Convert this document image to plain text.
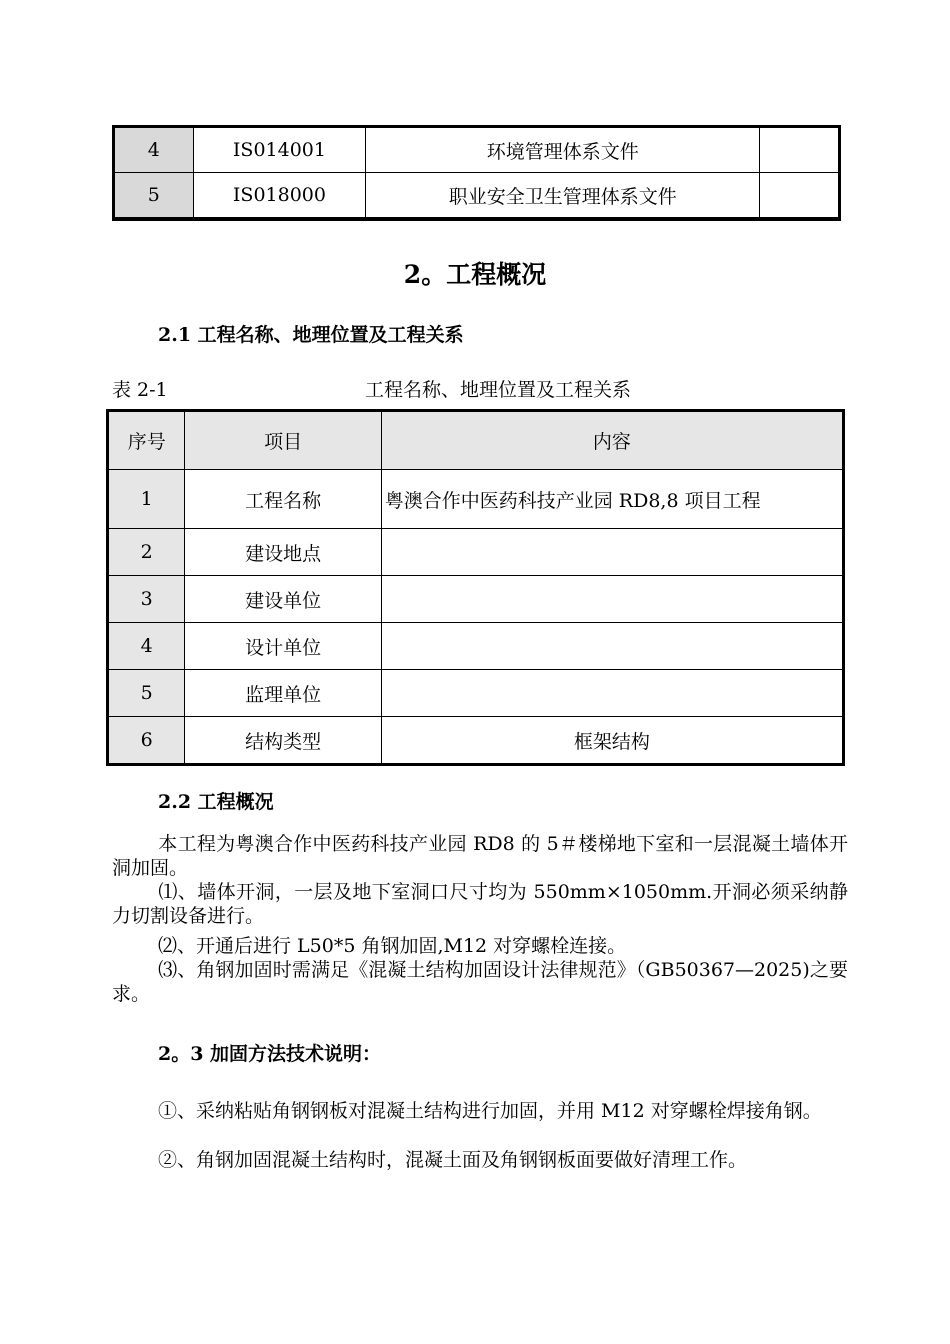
4	IS014001	环境管理体系文件	
5	IS018000	职业安全卫生管理体系文件	
2。工程概况
2.1 工程名称、地理位置及工程关系
表 2-1	工程名称、地理位置及工程关系
序号	项目	内容
1	工程名称	粤澳合作中医药科技产业园 RD8,8 项目工程
2	建设地点	
3	建设单位	
4	设计单位	
5	监理单位	
6	结构类型	框架结构
2.2 工程概况
本工程为粤澳合作中医药科技产业园 RD8 的 5＃楼梯地下室和一层混凝土墙体开洞加固。
⑴、墙体开洞，一层及地下室洞口尺寸均为 550mm×1050mm.开洞必须采纳静力切割设备进行。
⑵、开通后进行 L50*5 角钢加固,M12 对穿螺栓连接。
⑶、角钢加固时需满足《混凝土结构加固设计法律规范》（GB50367—2025)之要求。
2。3 加固方法技术说明：
①、采纳粘贴角钢钢板对混凝土结构进行加固，并用 M12 对穿螺栓焊接角钢。
②、角钢加固混凝土结构时，混凝土面及角钢钢板面要做好清理工作。
